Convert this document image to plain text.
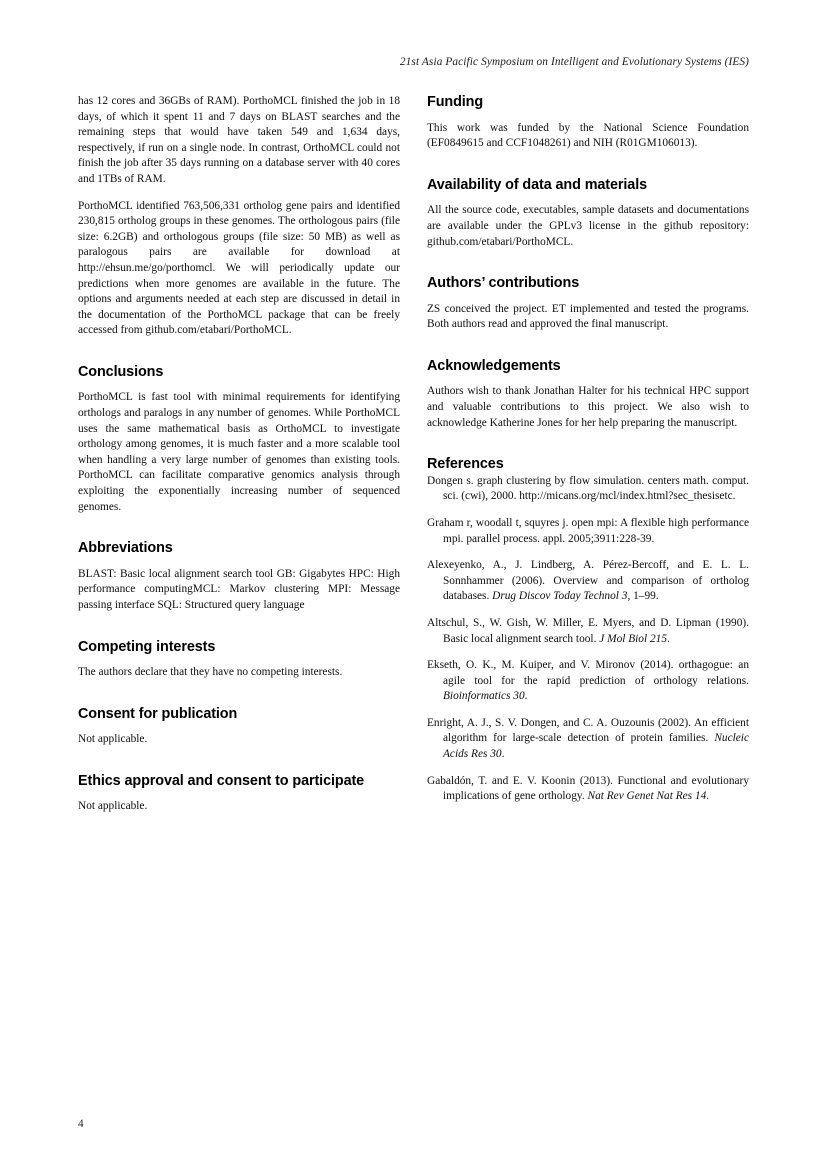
21st Asia Pacific Symposium on Intelligent and Evolutionary Systems (IES)

has 12 cores and 36GBs of RAM). PorthoMCL finished the job in 18 days, of which it spent 11 and 7 days on BLAST searches and the remaining steps that would have taken 549 and 1,634 days, respectively, if run on a single node. In contrast, OrthoMCL could not finish the job after 35 days running on a database server with 40 cores and 1TBs of RAM.

PorthoMCL identified 763,506,331 ortholog gene pairs and identified 230,815 ortholog groups in these genomes. The orthologous pairs (file size: 6.2GB) and orthologous groups (file size: 50 MB) as well as paralogous pairs are available for download at http://ehsun.me/go/porthomcl. We will periodically update our predictions when more genomes are available in the future. The options and arguments needed at each step are discussed in detail in the documentation of the PorthoMCL package that can be freely accessed from github.com/etabari/PorthoMCL.

Conclusions

PorthoMCL is fast tool with minimal requirements for identifying orthologs and paralogs in any number of genomes. While PorthoMCL uses the same mathematical basis as OrthoMCL to investigate orthology among genomes, it is much faster and a more scalable tool when handling a very large number of genomes than existing tools. PorthoMCL can facilitate comparative genomics analysis through exploiting the exponentially increasing number of sequenced genomes.

Abbreviations

BLAST: Basic local alignment search tool GB: Gigabytes HPC: High performance computingMCL: Markov clustering MPI: Message passing interface SQL: Structured query language

Competing interests

The authors declare that they have no competing interests.

Consent for publication

Not applicable.

Ethics approval and consent to participate

Not applicable.

Funding

This work was funded by the National Science Foundation (EF0849615 and CCF1048261) and NIH (R01GM106013).

Availability of data and materials

All the source code, executables, sample datasets and documentations are available under the GPLv3 license in the github repository: github.com/etabari/PorthoMCL.

Authors’ contributions

ZS conceived the project. ET implemented and tested the programs. Both authors read and approved the final manuscript.

Acknowledgements

Authors wish to thank Jonathan Halter for his technical HPC support and valuable contributions to this project. We also wish to acknowledge Katherine Jones for her help preparing the manuscript.

References

Dongen s. graph clustering by flow simulation. centers math. comput. sci. (cwi), 2000. http://micans.org/mcl/index.html?sec_thesisetc.

Graham r, woodall t, squyres j. open mpi: A flexible high performance mpi. parallel process. appl. 2005;3911:228-39.

Alexeyenko, A., J. Lindberg, A. Pérez-Bercoff, and E. L. L. Sonnhammer (2006). Overview and comparison of ortholog databases. Drug Discov Today Technol 3, 1–99.

Altschul, S., W. Gish, W. Miller, E. Myers, and D. Lipman (1990). Basic local alignment search tool. J Mol Biol 215.

Ekseth, O. K., M. Kuiper, and V. Mironov (2014). orthagogue: an agile tool for the rapid prediction of orthology relations. Bioinformatics 30.

Enright, A. J., S. V. Dongen, and C. A. Ouzounis (2002). An efficient algorithm for large-scale detection of protein families. Nucleic Acids Res 30.

Gabaldón, T. and E. V. Koonin (2013). Functional and evolutionary implications of gene orthology. Nat Rev Genet Nat Res 14.

4
